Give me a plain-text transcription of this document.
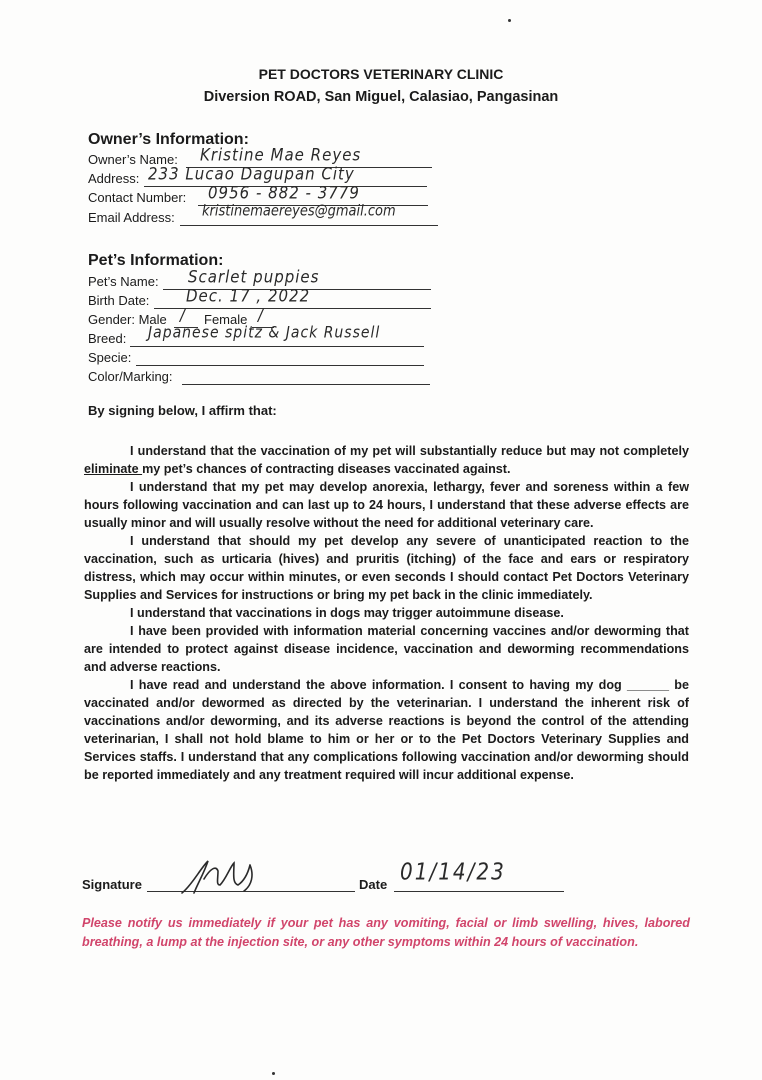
PET DOCTORS VETERINARY CLINIC
Diversion ROAD, San Miguel, Calasiao, Pangasinan
Owner’s Information:
Owner’s Name: Kristine Mae Reyes
Address: 233 Lucao Dagupan City
Contact Number: 0956 - 882 - 3779
Email Address: kristinemaereyes@gmail.com
Pet’s Information:
Pet’s Name: Scarlet puppies
Birth Date: Dec. 17 , 2022
Gender: Male / Female /
Breed: Japanese spitz & Jack Russell
Specie:
Color/Marking:
By signing below, I affirm that:

I understand that the vaccination of my pet will substantially reduce but may not completely eliminate my pet’s chances of contracting diseases vaccinated against.

I understand that my pet may develop anorexia, lethargy, fever and soreness within a few hours following vaccination and can last up to 24 hours, I understand that these adverse effects are usually minor and will usually resolve without the need for additional veterinary care.

I understand that should my pet develop any severe of unanticipated reaction to the vaccination, such as urticaria (hives) and pruritis (itching) of the face and ears or respiratory distress, which may occur within minutes, or even seconds I should contact Pet Doctors Veterinary Supplies and Services for instructions or bring my pet back in the clinic immediately.

I understand that vaccinations in dogs may trigger autoimmune disease.

I have been provided with information material concerning vaccines and/or deworming that are intended to protect against disease incidence, vaccination and deworming recommendations and adverse reactions.

I have read and understand the above information. I consent to having my dog ______ be vaccinated and/or dewormed as directed by the veterinarian. I understand the inherent risk of vaccinations and/or deworming, and its adverse reactions is beyond the control of the attending veterinarian, I shall not hold blame to him or her or to the Pet Doctors Veterinary Supplies and Services staffs. I understand that any complications following vaccination and/or deworming should be reported immediately and any treatment required will incur additional expense.

Signature	Date 01/14/23
Please notify us immediately if your pet has any vomiting, facial or limb swelling, hives, labored breathing, a lump at the injection site, or any other symptoms within 24 hours of vaccination.
